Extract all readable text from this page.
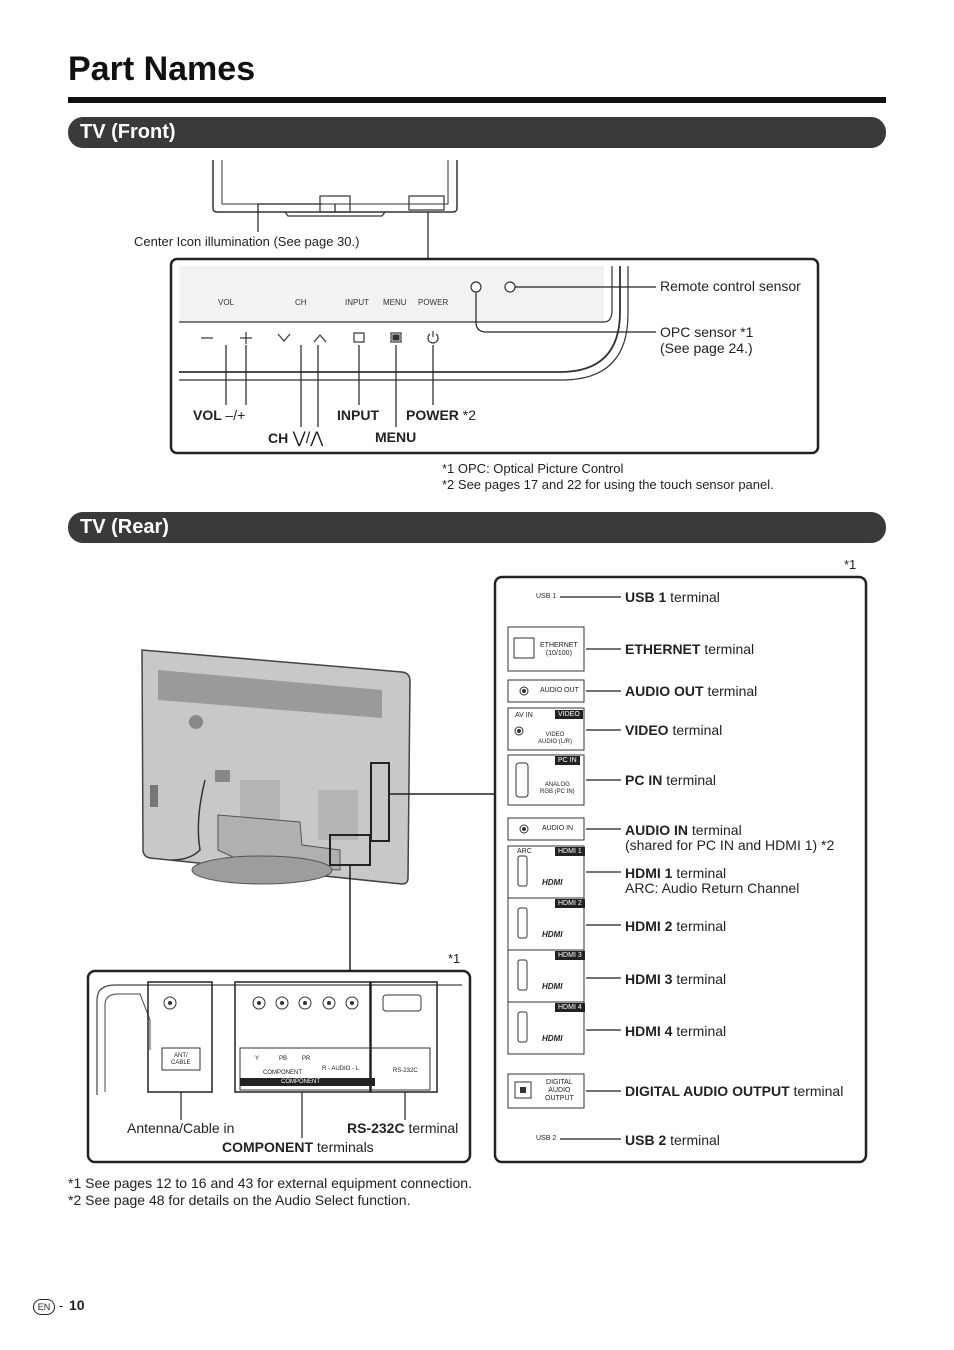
Part Names
TV (Front)
TV (Rear)
Center Icon illumination (See page 30.)
Remote control sensor
OPC sensor *1
(See page 24.)
VOL	CH	INPUT MENU POWER
VOL –/+
CH ⋁/⋀
INPUT
MENU
POWER *2
*1 OPC: Optical Picture Control
*2 See pages 17 and 22 for using the touch sensor panel.
*1
*1
USB 1
ETHERNET
(10/100)
AUDIO OUT
AV IN	VIDEO
VIDEO
AUDIO (L/R)
PC IN
ANALOG
RGB (PC IN)
AUDIO IN
ARC	HDMI 1
HDMI 2
HDMI 3
HDMI 4
HDMI
HDMI
HDMI
HDMI
DIGITAL
AUDIO
OUTPUT
USB 2
USB 1 terminal
ETHERNET terminal
AUDIO OUT terminal
VIDEO terminal
PC IN terminal
AUDIO IN terminal
(shared for PC IN and HDMI 1) *2
HDMI 1 terminal
ARC: Audio Return Channel
HDMI 2 terminal
HDMI 3 terminal
HDMI 4 terminal
DIGITAL AUDIO OUTPUT terminal
USB 2 terminal
ANT/
CABLE
Y	PB PR
R - AUDIO - L
COMPONENT
COMPONENT
RS-232C
Antenna/Cable in	RS-232C terminal
COMPONENT terminals
*1 See pages 12 to 16 and 43 for external equipment connection.
*2 See page 48 for details on the Audio Select function.
EN - 10
